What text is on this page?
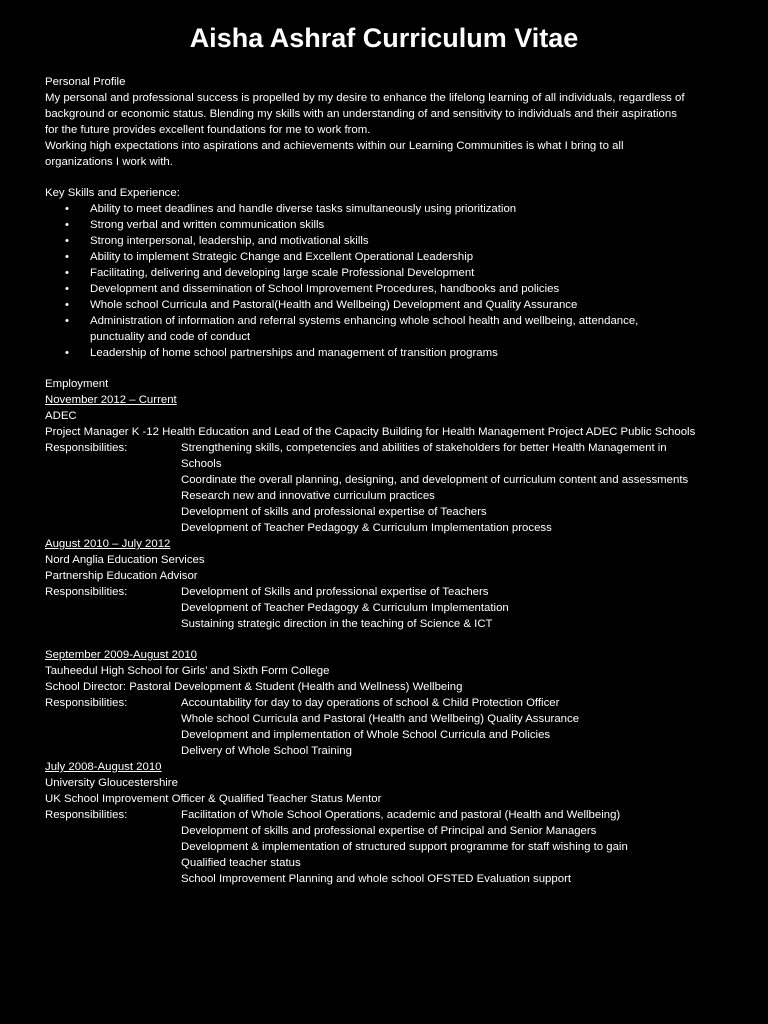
Aisha Ashraf Curriculum Vitae
Personal Profile
My personal and professional success is propelled by my desire to enhance the lifelong learning of all individuals, regardless of
background or economic status. Blending my skills with an understanding of and sensitivity to individuals and their aspirations
for the future provides excellent foundations for me to work from.
Working high expectations into aspirations and achievements within our Learning Communities is what I bring to all
organizations I work with.
Key Skills and Experience:
• Ability to meet deadlines and handle diverse tasks simultaneously using prioritization
• Strong verbal and written communication skills
• Strong interpersonal, leadership, and motivational skills
• Ability to implement Strategic Change and Excellent Operational Leadership
• Facilitating, delivering and developing large scale Professional Development
• Development and dissemination of School Improvement Procedures, handbooks and policies
• Whole school Curricula and Pastoral(Health and Wellbeing) Development and Quality Assurance
• Administration of information and referral systems enhancing whole school health and wellbeing, attendance,
punctuality and code of conduct
• Leadership of home school partnerships and management of transition programs
Employment
November 2012 – Current
ADEC
Project Manager K -12 Health Education and Lead of the Capacity Building for Health Management Project ADEC Public Schools
Responsibilities:	Strengthening skills, competencies and abilities of stakeholders for better Health Management in
Schools
Coordinate the overall planning, designing, and development of curriculum content and assessments
Research new and innovative curriculum practices
Development of skills and professional expertise of Teachers
Development of Teacher Pedagogy & Curriculum Implementation process
August 2010 – July 2012
Nord Anglia Education Services
Partnership Education Advisor
Responsibilities:	Development of Skills and professional expertise of Teachers
Development of Teacher Pedagogy & Curriculum Implementation
Sustaining strategic direction in the teaching of Science & ICT
September 2009-August 2010
Tauheedul High School for Girls’ and Sixth Form College
School Director: Pastoral Development & Student (Health and Wellness) Wellbeing
Responsibilities:	Accountability for day to day operations of school & Child Protection Officer
Whole school Curricula and Pastoral (Health and Wellbeing) Quality Assurance
Development and implementation of Whole School Curricula and Policies
Delivery of Whole School Training
July 2008-August 2010
University Gloucestershire
UK School Improvement Officer & Qualified Teacher Status Mentor
Responsibilities:	Facilitation of Whole School Operations, academic and pastoral (Health and Wellbeing)
Development of skills and professional expertise of Principal and Senior Managers
Development & implementation of structured support programme for staff wishing to gain
Qualified teacher status
School Improvement Planning and whole school OFSTED Evaluation support
